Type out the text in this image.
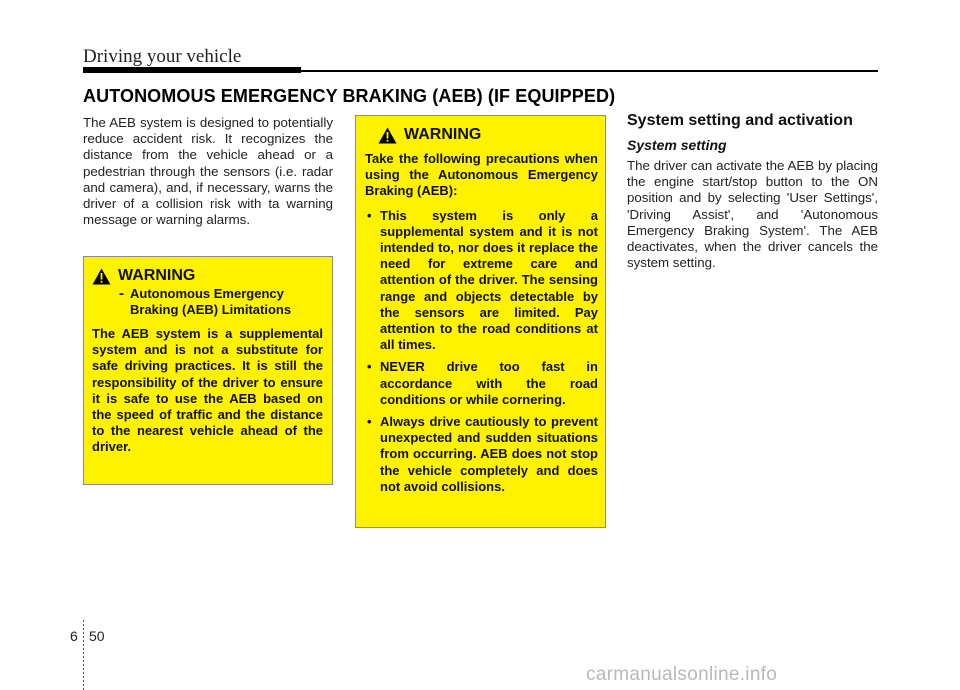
Driving your vehicle
AUTONOMOUS EMERGENCY BRAKING (AEB) (IF EQUIPPED)

The AEB system is designed to potentially reduce accident risk. It recognizes the distance from the vehicle ahead or a pedestrian through the sensors (i.e. radar and camera), and, if necessary, warns the driver of a collision risk with ta warning message or warning alarms.

WARNING
- Autonomous Emergency
Braking (AEB) Limitations
The AEB system is a supplemental system and is not a substitute for safe driving practices. It is still the responsibility of the driver to ensure it is safe to use the AEB based on the speed of traffic and the distance to the nearest vehicle ahead of the driver.
WARNING
Take the following precautions when using the Autonomous Emergency Braking (AEB):
• This system is only a supplemental system and it is not intended to, nor does it replace the need for extreme care and attention of the driver. The sensing range and objects detectable by the sensors are limited. Pay attention to the road conditions at all times.
• NEVER drive too fast in accordance with the road conditions or while cornering.
• Always drive cautiously to prevent unexpected and sudden situations from occurring. AEB does not stop the vehicle completely and does not avoid collisions.
System setting and activation
System setting

The driver can activate the AEB by placing the engine start/stop button to the ON position and by selecting 'User Settings', 'Driving Assist', and 'Autonomous Emergency Braking System'. The AEB deactivates, when the driver cancels the system setting.

6 50
carmanualsonline.info
